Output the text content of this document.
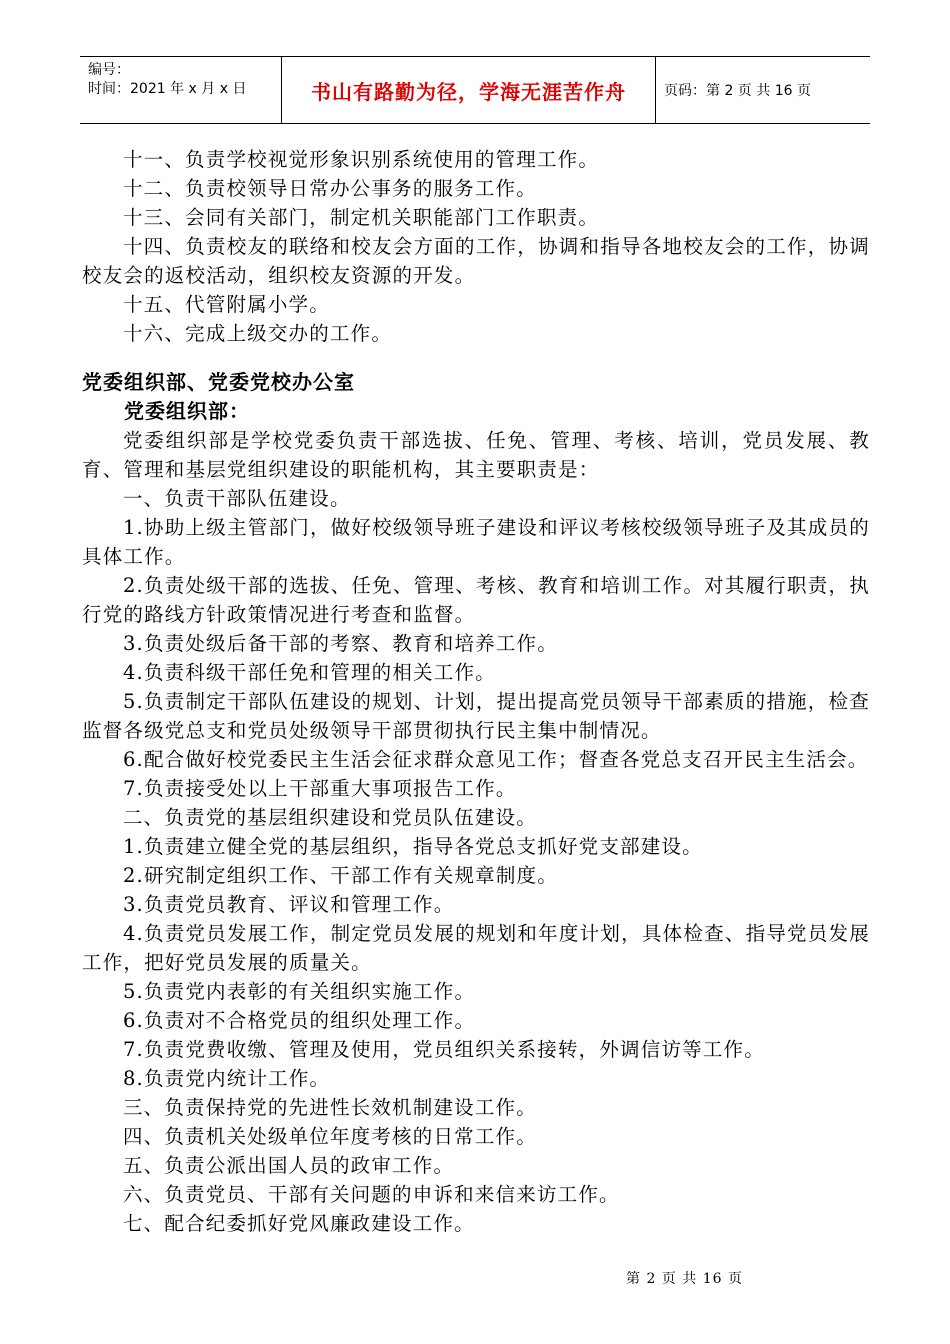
编号：
时间：2021 年 x 月 x 日	书山有路勤为径，学海无涯苦作舟	页码：第 2 页 共 16 页

十一、负责学校视觉形象识别系统使用的管理工作。

十二、负责校领导日常办公事务的服务工作。

十三、会同有关部门，制定机关职能部门工作职责。

十四、负责校友的联络和校友会方面的工作，协调和指导各地校友会的工作，协调校友会的返校活动，组织校友资源的开发。

十五、代管附属小学。

十六、完成上级交办的工作。

党委组织部、党委党校办公室
党委组织部：

党委组织部是学校党委负责干部选拔、任免、管理、考核、培训，党员发展、教育、管理和基层党组织建设的职能机构，其主要职责是：

一、负责干部队伍建设。

1.协助上级主管部门，做好校级领导班子建设和评议考核校级领导班子及其成员的具体工作。

2.负责处级干部的选拔、任免、管理、考核、教育和培训工作。对其履行职责，执行党的路线方针政策情况进行考查和监督。

3.负责处级后备干部的考察、教育和培养工作。

4.负责科级干部任免和管理的相关工作。

5.负责制定干部队伍建设的规划、计划，提出提高党员领导干部素质的措施，检查监督各级党总支和党员处级领导干部贯彻执行民主集中制情况。

6.配合做好校党委民主生活会征求群众意见工作；督查各党总支召开民主生活会。

7.负责接受处以上干部重大事项报告工作。

二、负责党的基层组织建设和党员队伍建设。

1.负责建立健全党的基层组织，指导各党总支抓好党支部建设。

2.研究制定组织工作、干部工作有关规章制度。

3.负责党员教育、评议和管理工作。

4.负责党员发展工作，制定党员发展的规划和年度计划，具体检查、指导党员发展工作，把好党员发展的质量关。

5.负责党内表彰的有关组织实施工作。

6.负责对不合格党员的组织处理工作。

7.负责党费收缴、管理及使用，党员组织关系接转，外调信访等工作。

8.负责党内统计工作。

三、负责保持党的先进性长效机制建设工作。

四、负责机关处级单位年度考核的日常工作。

五、负责公派出国人员的政审工作。

六、负责党员、干部有关问题的申诉和来信来访工作。

七、配合纪委抓好党风廉政建设工作。

第 2 页 共 16 页
